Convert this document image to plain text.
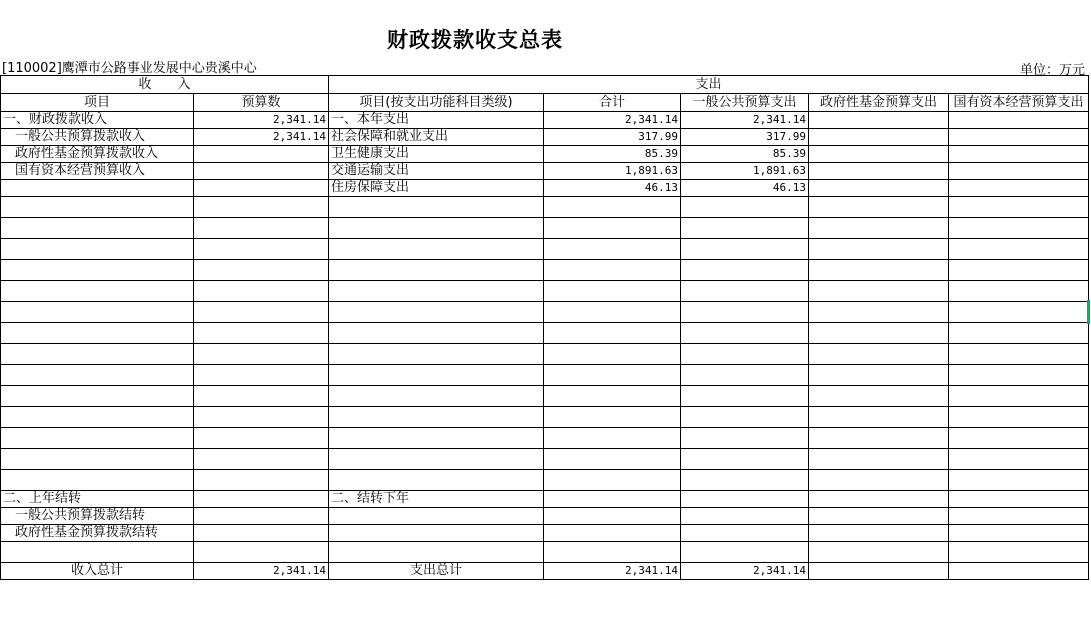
财政拨款收支总表
[110002]鹰潭市公路事业发展中心贵溪中心	单位：万元
收　　入		支出				
项目	预算数	项目(按支出功能科目类级)	合计	一般公共预算支出	政府性基金预算支出	国有资本经营预算支出
一、财政拨款收入	2,341.14	一、本年支出	2,341.14	2,341.14		
一般公共预算拨款收入	2,341.14	社会保障和就业支出	317.99	317.99		
政府性基金预算拨款收入		卫生健康支出	85.39	85.39		
国有资本经营预算收入		交通运输支出	1,891.63	1,891.63		
		住房保障支出	46.13	46.13		

二、上年结转		二、结转下年				
一般公共预算拨款结转						
政府性基金预算拨款结转						

收入总计	2,341.14	支出总计	2,341.14	2,341.14		
